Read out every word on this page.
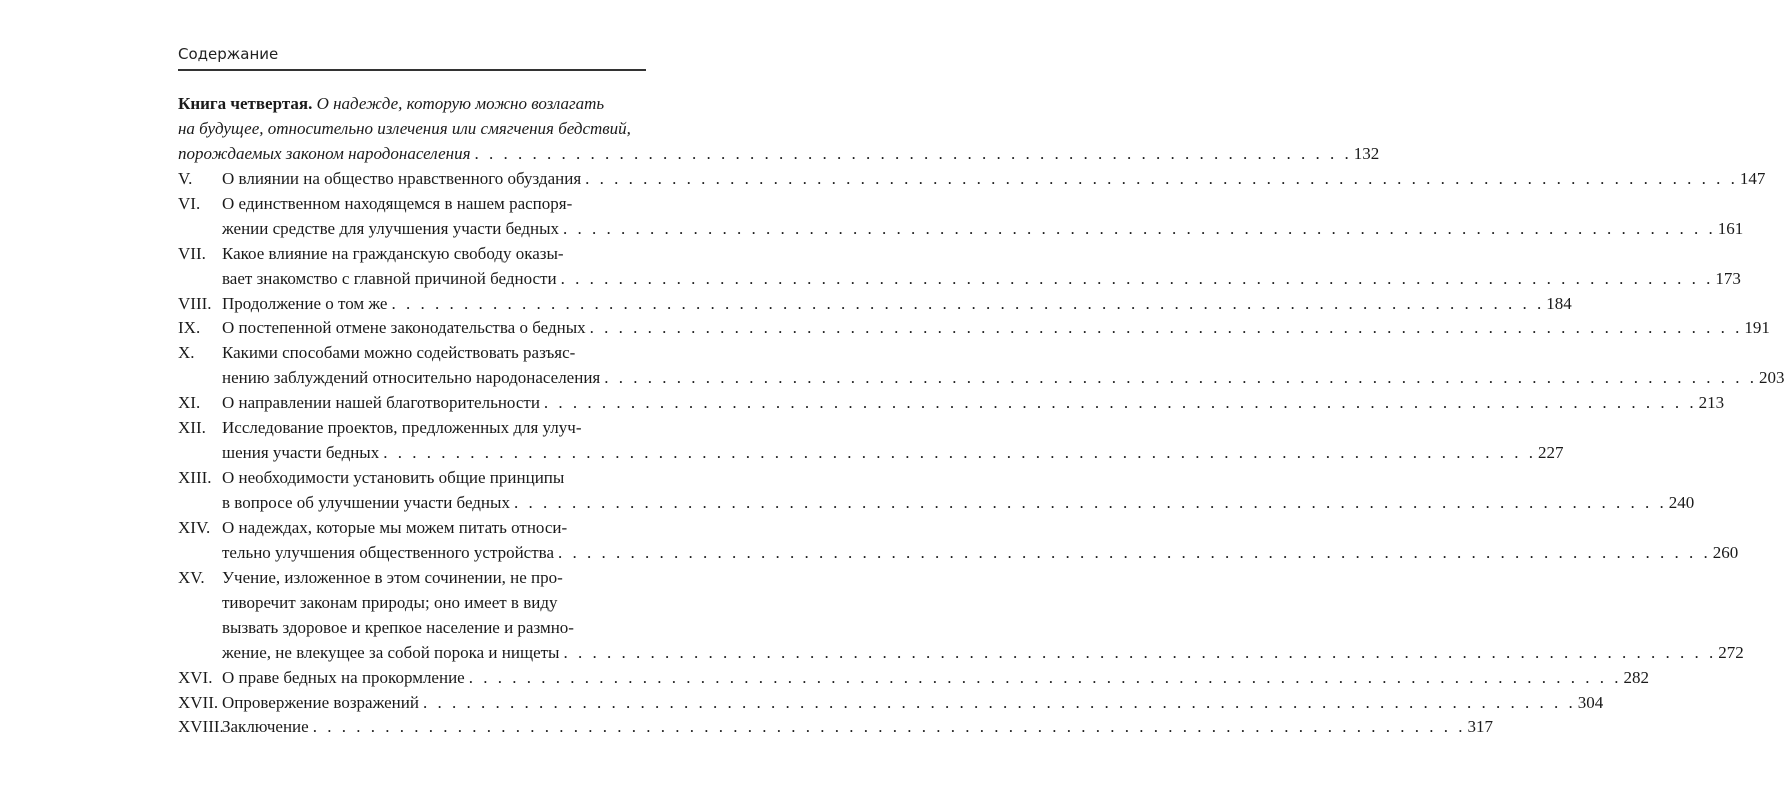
Содержание
Книга четвертая.
О надежде, которую можно возлагать
на будущее, относительно излечения или смягчения бедствий,
порождаемых законом народонаселения . . . . . . . . . . . . . . . . . . . . . . . . . . . . . . . . . . . . . . . . . . . . . . . . . . . . . . . . . . . . . 132
V.	О влиянии на общество нравственного обуздания . . . . . . . . . . . . . . . . . . . . . . . . . . . . . . . . . . . . . . . . . . . . . . . . . . . . . . . . . . . . . . . . . . . . . . . . . . . . . . . . 147
VI.	О единственном находящемся в нашем распоря-
жении средстве для улучшения участи бедных . . . . . . . . . . . . . . . . . . . . . . . . . . . . . . . . . . . . . . . . . . . . . . . . . . . . . . . . . . . . . . . . . . . . . . . . . . . . . . . . 161
VII. Какое влияние на гражданскую свободу оказы-
вает знакомство с главной причиной бедности . . . . . . . . . . . . . . . . . . . . . . . . . . . . . . . . . . . . . . . . . . . . . . . . . . . . . . . . . . . . . . . . . . . . . . . . . . . . . . . . 173
VIII. Продолжение о том же . . . . . . . . . . . . . . . . . . . . . . . . . . . . . . . . . . . . . . . . . . . . . . . . . . . . . . . . . . . . . . . . . . . . . . . . . . . . . . . . 184
IX.	О постепенной отмене законодательства о бедных . . . . . . . . . . . . . . . . . . . . . . . . . . . . . . . . . . . . . . . . . . . . . . . . . . . . . . . . . . . . . . . . . . . . . . . . . . . . . . . . 191
X.	Какими способами можно содействовать разъяс-
нению заблуждений относительно народонаселения . . . . . . . . . . . . . . . . . . . . . . . . . . . . . . . . . . . . . . . . . . . . . . . . . . . . . . . . . . . . . . . . . . . . . . . . . . . . . . . . 203
XI.	О направлении нашей благотворительности . . . . . . . . . . . . . . . . . . . . . . . . . . . . . . . . . . . . . . . . . . . . . . . . . . . . . . . . . . . . . . . . . . . . . . . . . . . . . . . . 213
XII. Исследование проектов, предложенных для улуч-
шения участи бедных . . . . . . . . . . . . . . . . . . . . . . . . . . . . . . . . . . . . . . . . . . . . . . . . . . . . . . . . . . . . . . . . . . . . . . . . . . . . . . . . 227
XIII. О необходимости установить общие принципы
в вопросе об улучшении участи бедных . . . . . . . . . . . . . . . . . . . . . . . . . . . . . . . . . . . . . . . . . . . . . . . . . . . . . . . . . . . . . . . . . . . . . . . . . . . . . . . . 240
XIV. О надеждах, которые мы можем питать относи-
тельно улучшения общественного устройства . . . . . . . . . . . . . . . . . . . . . . . . . . . . . . . . . . . . . . . . . . . . . . . . . . . . . . . . . . . . . . . . . . . . . . . . . . . . . . . . 260
XV.	Учение, изложенное в этом сочинении, не про-
тиворечит законам природы; оно имеет в виду
вызвать здоровое и крепкое население и размно-
жение, не влекущее за собой порока и нищеты . . . . . . . . . . . . . . . . . . . . . . . . . . . . . . . . . . . . . . . . . . . . . . . . . . . . . . . . . . . . . . . . . . . . . . . . . . . . . . . . 272
XVI. О праве бедных на прокормление . . . . . . . . . . . . . . . . . . . . . . . . . . . . . . . . . . . . . . . . . . . . . . . . . . . . . . . . . . . . . . . . . . . . . . . . . . . . . . . . 282
XVII. Опровержение возражений . . . . . . . . . . . . . . . . . . . . . . . . . . . . . . . . . . . . . . . . . . . . . . . . . . . . . . . . . . . . . . . . . . . . . . . . . . . . . . . . 304
XVIII.
Заключение . . . . . . . . . . . . . . . . . . . . . . . . . . . . . . . . . . . . . . . . . . . . . . . . . . . . . . . . . . . . . . . . . . . . . . . . . . . . . . . . 317
